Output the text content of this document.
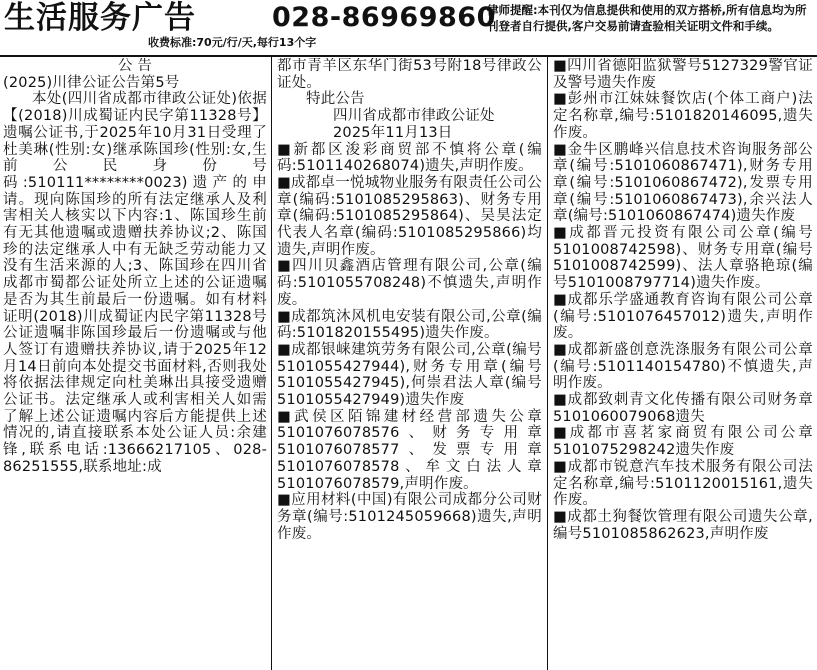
生活服务广告	028-86969860
收费标准:70元/行/天,每行13个字
律师提醒:本刊仅为信息提供和使用的双方搭桥,所有信息均为所刊登者自行提供,客户交易前请查验相关证明文件和手续。

公 告

(2025)川律公证公告第5号

本处(四川省成都市律政公证处)依据【(2018)川成蜀证内民字第11328号】遗嘱公证书,于2025年10月31日受理了杜美琳(性别:女)继承陈国珍(性别:女,生前公民身份号码:510111********0023)遗产的申请。现向陈国珍的所有法定继承人及利害相关人核实以下内容:1、陈国珍生前有无其他遗嘱或遗赠扶养协议;2、陈国珍的法定继承人中有无缺乏劳动能力又没有生活来源的人;3、陈国珍在四川省成都市蜀都公证处所立上述的公证遗嘱是否为其生前最后一份遗嘱。如有材料证明(2018)川成蜀证内民字第11328号公证遗嘱非陈国珍最后一份遗嘱或与他人签订有遗赠扶养协议,请于2025年12月14日前向本处提交书面材料,否则我处将依据法律规定向杜美琳出具接受遗赠公证书。法定继承人或利害相关人如需了解上述公证遗嘱内容后方能提供上述情况的,请直接联系本处公证人员:余建锋,联系电话:13666217105、028-86251555,联系地址:成

都市青羊区东华门街53号附18号律政公证处。

特此公告

四川省成都市律政公证处

2025年11月13日

■新都区浚彩商贸部不慎将公章(编码:5101140268074)遗失,声明作废。

■成都卓一悦城物业服务有限责任公司公章(编码:5101085295863)、财务专用章(编码:5101085295864)、吴昊法定代表人名章(编码:5101085295866)均遗失,声明作废。

■四川贝鑫酒店管理有限公司,公章(编码:5101055708248)不慎遗失,声明作废。

■成都筑沐风机电安装有限公司,公章(编码:51018201​55495)遗失作废。

■成都银崃建筑劳务有限公司,公章(编号510105542794​4),财务专用章(编号5101055427945),何崇君法人章(编号5101055427949)遗失作废

■武侯区陌锦建材经营部遗失公章5101076078576、财务专用章5101076078577、发票专用章5101076078578、牟文白法人章5101076078579,声明作废。

■应用材料(中国)有限公司成都分公司财务章(编号:5101245059668)遗失,声明作废。

■四川省德阳监狱警号5127329警官证及警号遗失作废

■彭州市江妹妹餐饮店(个体工商户)法定名称章,编号:5101820146095,遗失作废。

■金牛区鹏峰兴信息技术咨询服务部公章(编号:5101060867471),财务专用章(编号:5101060867472),发票专用章(编号:5101060867473),余兴法人章(编号:51010608674​74)遗失作废

■成都晋元投资有限公司公章(编号5101008742598)、财务专用章(编号5101008742599)、法人章骆艳琼(编号5101008797714)遗失作废。

■成都乐学盛通教育咨询有限公司公章(编号:5101076457012)遗失,声明作废。

■成都新盛创意洗涤服务有限公司公章(编号:5101140154780)不慎遗失,声明作废。

■成都致刺青文化传播有限公司财务章5101060079068遗失

■成都市喜茗家商贸有限公司公章5101075298242遗失作废

■成都市锐意汽车技术服务有限公司法定名称章,编号:5101120015161,遗失作废。

■成都土狗餐饮管理有限公司遗失公章,编号51010858626​23,声明作废
